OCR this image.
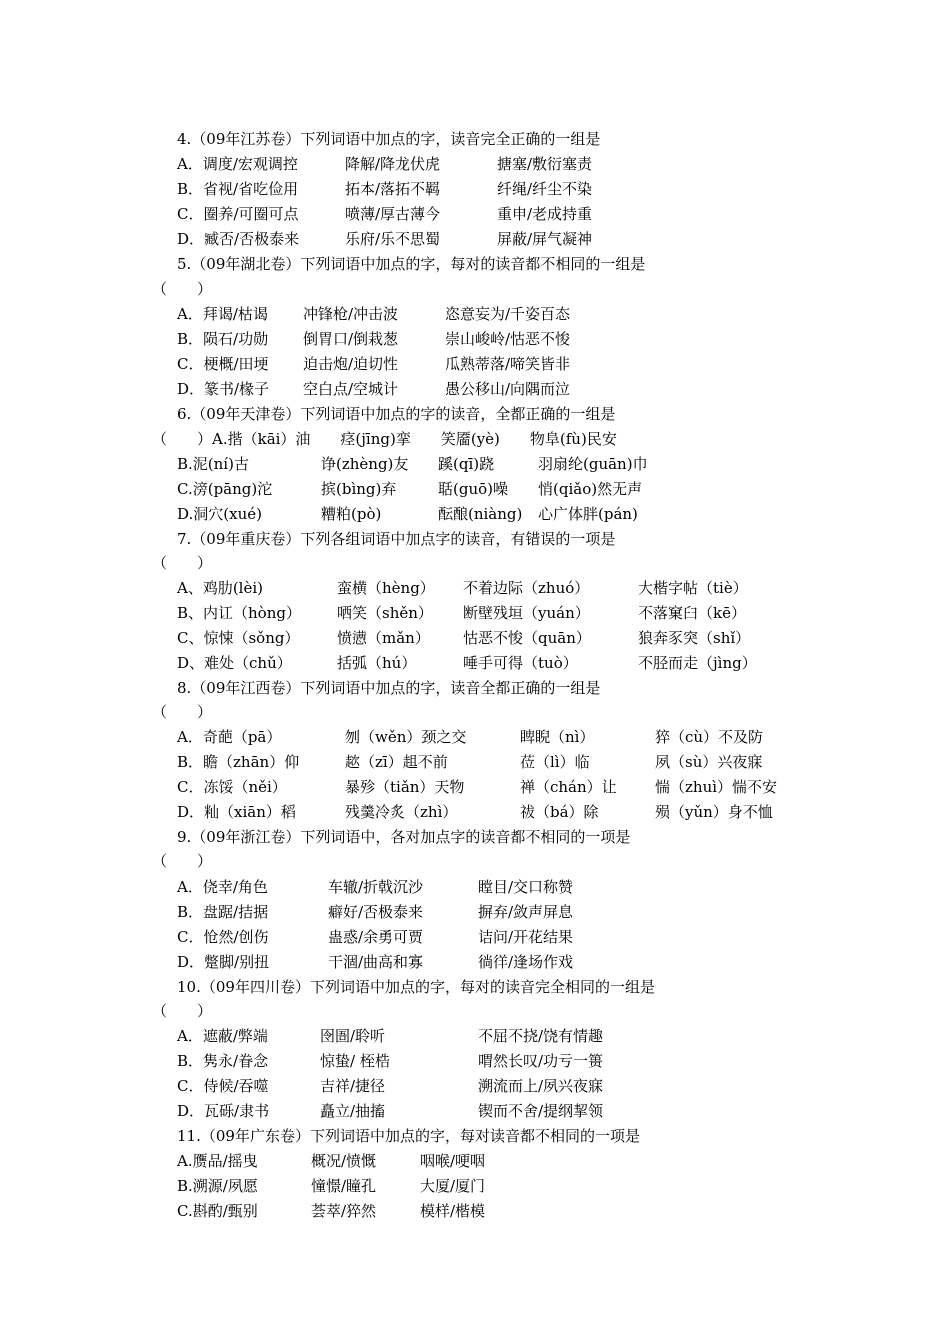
4.（09年江苏卷）下列词语中加点的字，读音完全正确的一组是

A．调度/宏观调控	降解/降龙伏虎	搪塞/敷衍塞责
B．省视/省吃俭用	拓本/落拓不羁	纤绳/纤尘不染
C．圈养/可圈可点	喷薄/厚古薄今	重申/老成持重
D．臧否/否极泰来	乐府/乐不思蜀	屏蔽/屏气凝神

5.（09年湖北卷）下列词语中加点的字，每对的读音都不相同的一组是

（　　）

A．拜谒/枯谒 冲锋枪/冲击波	恣意妄为/千姿百态
B．陨石/功勋 倒胃口/倒栽葱	崇山峻岭/怙恶不悛
C．梗概/田埂 迫击炮/迫切性	瓜熟蒂落/啼笑皆非
D．篆书/椽子 空白点/空城计	愚公移山/向隅而泣

6.（09年天津卷）下列词语中加点的字的读音，全都正确的一组是

（　　）A.揩（kāi）油　　痉(jīng)挛　　笑靥(yè)　　物阜(fù)民安

B.泥(ní)古	诤(zhèng)友 蹊(qī)跷	羽扇纶(guān)巾
C.滂(pāng)沱	摈(bìng)弃	聒(guō)噪 悄(qiǎo)然无声
D.洞穴(xué)	糟粕(pò)	酝酿(niàng) 心广体胖(pán)

7.（09年重庆卷）下列各组词语中加点字的读音，有错误的一项是

（　　）

A、鸡肋(lèi)	蛮横（hèng） 不着边际（zhuó）	大楷字帖（tiè）
B、内讧（hòng） 哂笑（shěn） 断壁残垣（yuán）	不落窠臼（kē）
C、惊悚（sǒng）	愤懑（mǎn） 怙恶不悛（quān）	狼奔豕突（shǐ）
D、难处（chǔ）	括弧（hú）	唾手可得（tuò）	不胫而走（jìng）

8.（09年江西卷）下列词语中加点的字，读音全都正确的一组是

（　　）

A．奇葩（pā）	刎（wěn）颈之交	睥睨（nì）	猝（cù）不及防
B．瞻（zhān）仰	趑（zī）趄不前	莅（lì）临	夙（sù）兴夜寐
C．冻馁（něi）	暴殄（tiǎn）天物	禅（chán）让	惴（zhuì）惴不安
D．籼（xiān）稻	残羹冷炙（zhì）	祓（bá）除	殒（yǔn）身不恤

9.（09年浙江卷）下列词语中，各对加点字的读音都不相同的一项是

（　　）

A．侥幸/角色	车辙/折戟沉沙	瞠目/交口称赞
B．盘踞/拮据	癖好/否极泰来	摒弃/敛声屏息
C．怆然/创伤	蛊惑/余勇可贾	诘问/开花结果
D．蹩脚/别扭	干涸/曲高和寡	徜徉/逢场作戏

10.（09年四川卷）下列词语中加点的字，每对的读音完全相同的一组是

（　　）

A．遮蔽/弊端	囹圄/聆听	不屈不挠/饶有情趣
B．隽永/眷念	惊蛰/ 桎梏	喟然长叹/功亏一篑
C．侍候/吞噬	吉祥/捷径	溯流而上/夙兴夜寐
D．瓦砾/隶书	矗立/抽搐	锲而不舍/提纲挈领

11.（09年广东卷）下列词语中加点的字，每对读音都不相同的一项是

A.赝品/摇曳	概况/愤慨	咽喉/哽咽
B.溯源/夙愿	憧憬/瞳孔	大厦/厦门
C.斟酌/甄别	荟萃/猝然	模样/楷模
